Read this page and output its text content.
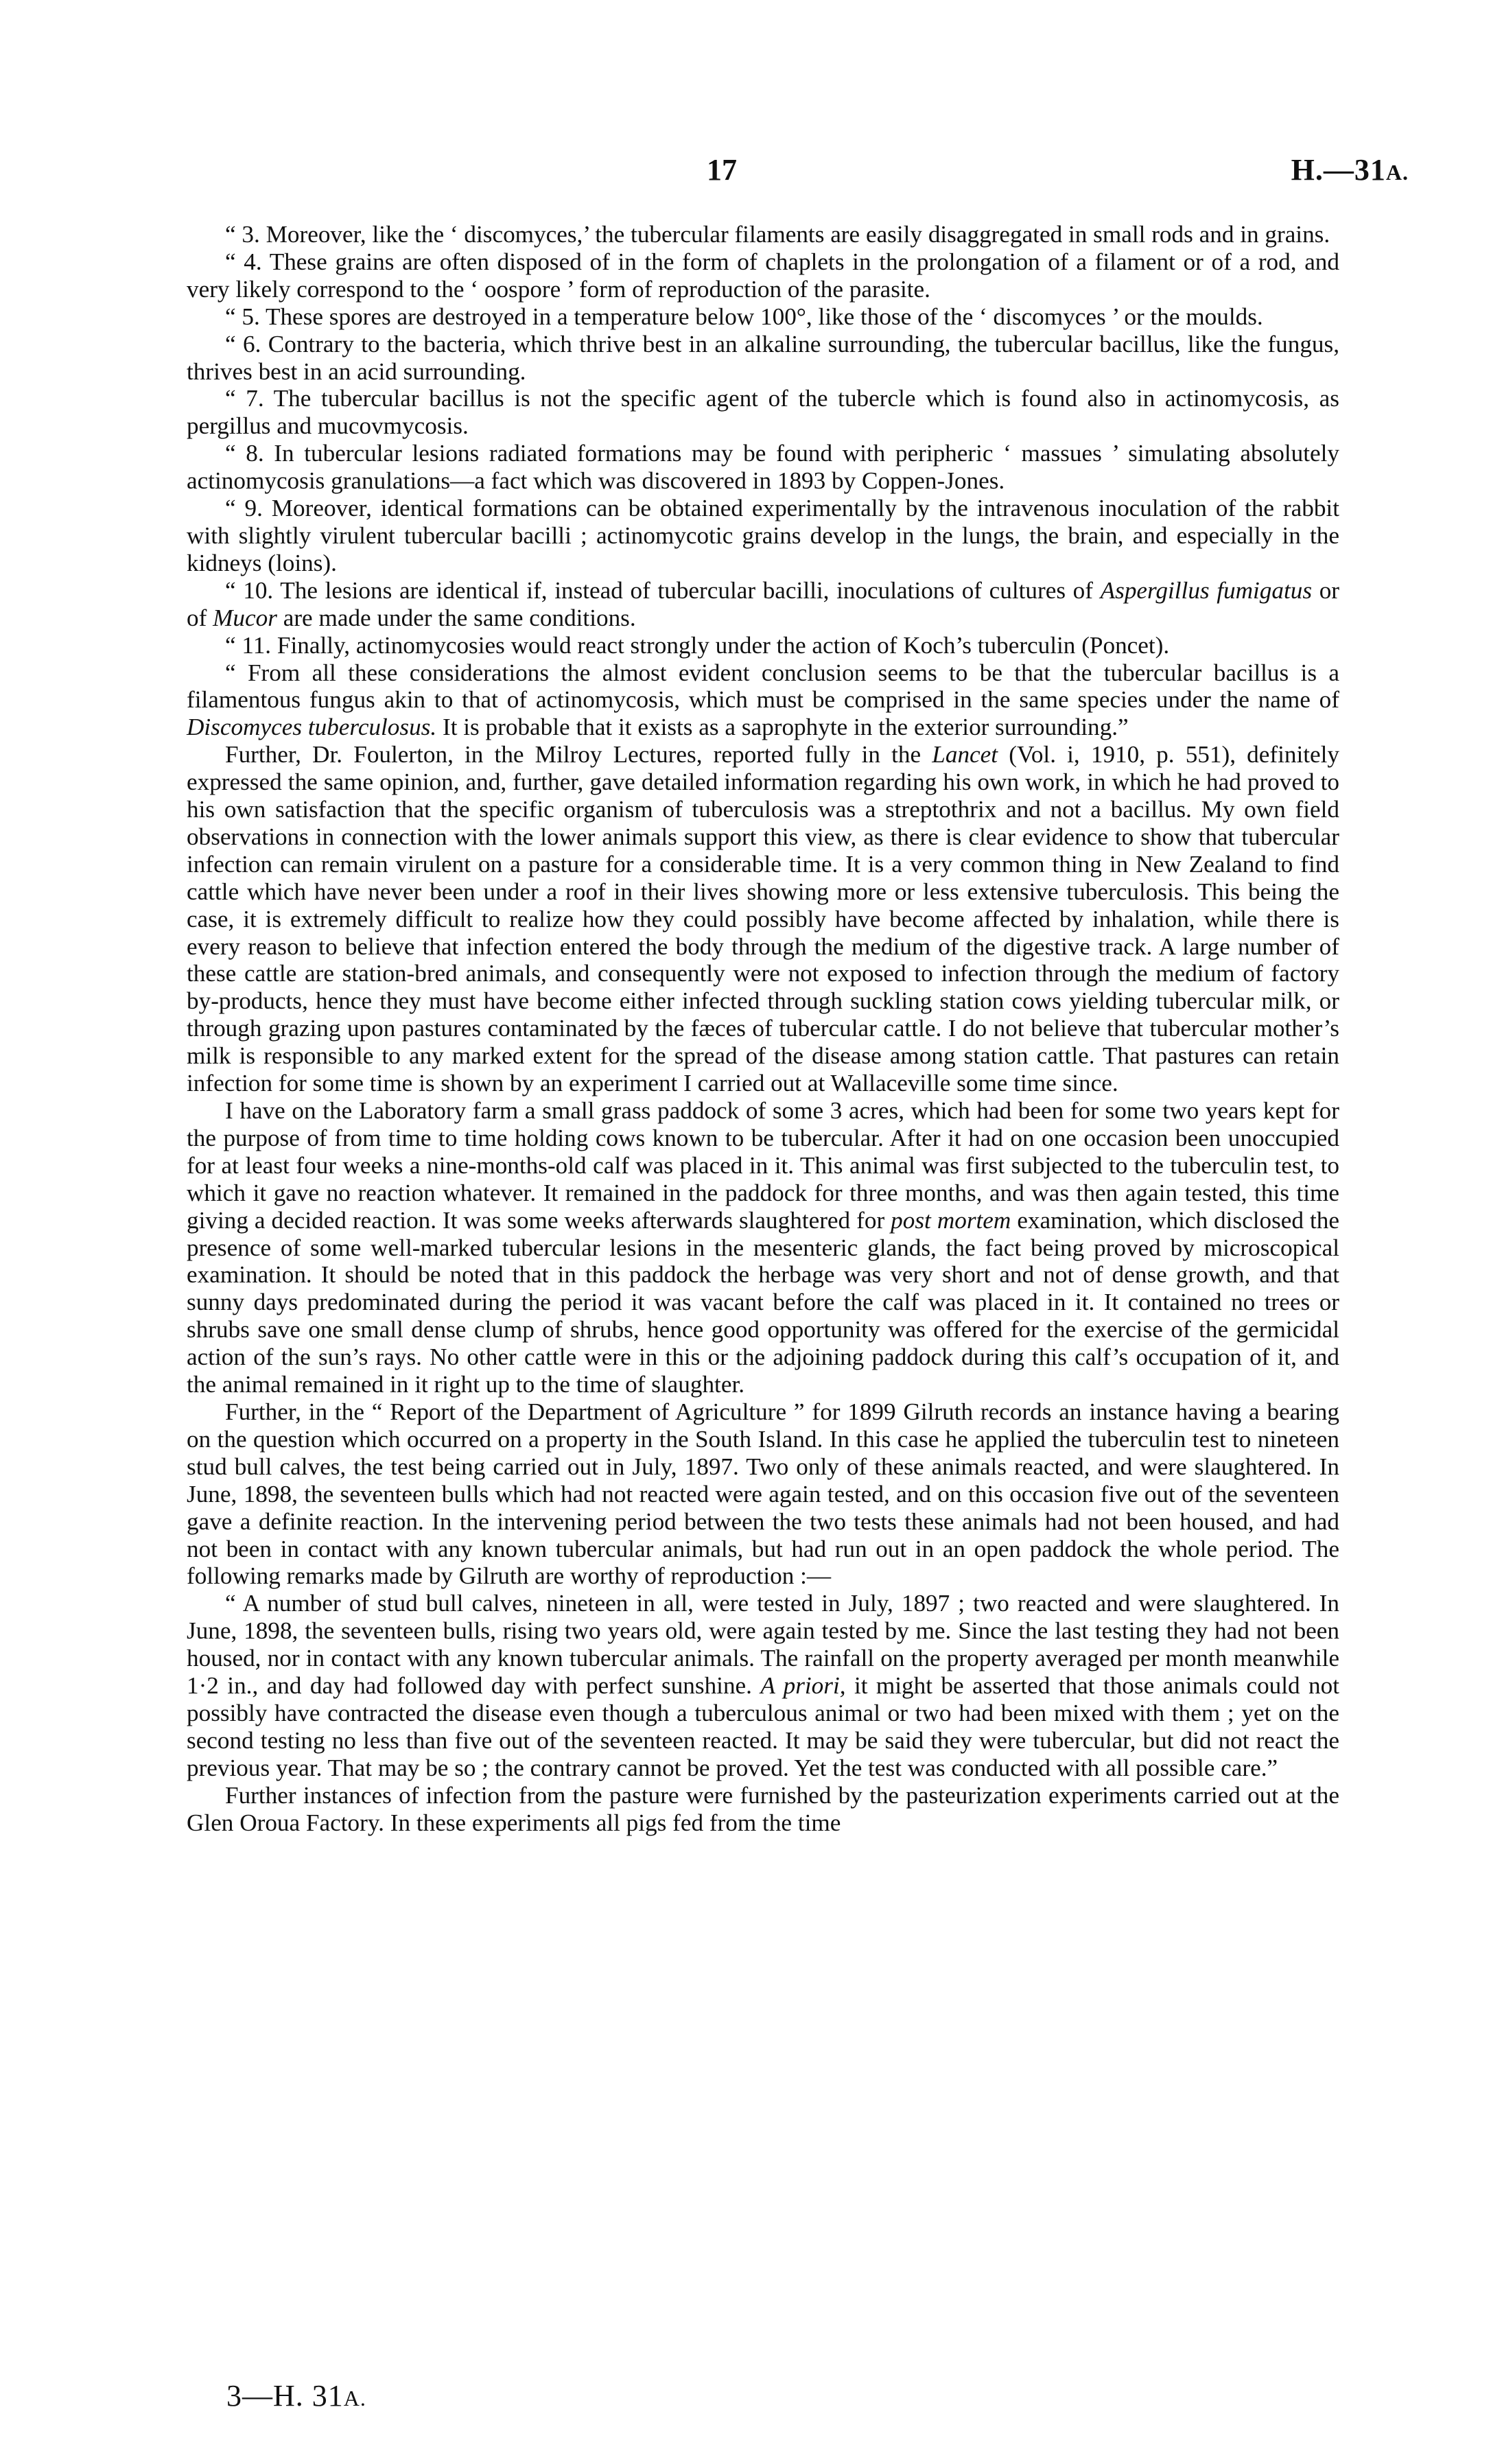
17	H.—31A.

“ 3. Moreover, like the ‘ discomyces,’ the tubercular filaments are easily disaggregated in small rods and in grains.

“ 4. These grains are often disposed of in the form of chaplets in the prolongation of a filament or of a rod, and very likely correspond to the ‘ oospore ’ form of reproduction of the parasite.

“ 5. These spores are destroyed in a temperature below 100°, like those of the ‘ discomyces ’ or the moulds.

“ 6. Contrary to the bacteria, which thrive best in an alkaline surrounding, the tubercular bacillus, like the fungus, thrives best in an acid surrounding.

“ 7. The tubercular bacillus is not the specific agent of the tubercle which is found also in actinomycosis, as pergillus and mucovmycosis.

“ 8. In tubercular lesions radiated formations may be found with peripheric ‘ massues ’ simulating absolutely actinomycosis granulations—a fact which was discovered in 1893 by Coppen-Jones.

“ 9. Moreover, identical formations can be obtained experimentally by the intravenous inoculation of the rabbit with slightly virulent tubercular bacilli ; actinomycotic grains develop in the lungs, the brain, and especially in the kidneys (loins).

“ 10. The lesions are identical if, instead of tubercular bacilli, inoculations of cultures of Aspergillus fumigatus or of Mucor are made under the same conditions.

“ 11. Finally, actinomycosies would react strongly under the action of Koch’s tuberculin (Poncet).

“ From all these considerations the almost evident conclusion seems to be that the tubercular bacillus is a filamentous fungus akin to that of actinomycosis, which must be comprised in the same species under the name of Discomyces tuberculosus. It is probable that it exists as a saprophyte in the exterior surrounding.”

Further, Dr. Foulerton, in the Milroy Lectures, reported fully in the Lancet (Vol. i, 1910, p. 551), definitely expressed the same opinion, and, further, gave detailed information regarding his own work, in which he had proved to his own satisfaction that the specific organism of tuberculosis was a streptothrix and not a bacillus. My own field observations in connection with the lower animals support this view, as there is clear evidence to show that tubercular infection can remain virulent on a pasture for a considerable time. It is a very common thing in New Zealand to find cattle which have never been under a roof in their lives showing more or less extensive tuberculosis. This being the case, it is extremely difficult to realize how they could possibly have become affected by inhalation, while there is every reason to believe that infection entered the body through the medium of the digestive track. A large number of these cattle are station-bred animals, and consequently were not exposed to infection through the medium of factory by-products, hence they must have become either infected through suckling station cows yielding tubercular milk, or through grazing upon pastures contaminated by the fæces of tubercular cattle. I do not believe that tubercular mother’s milk is responsible to any marked extent for the spread of the disease among station cattle. That pastures can retain infection for some time is shown by an experiment I carried out at Wallaceville some time since.

I have on the Laboratory farm a small grass paddock of some 3 acres, which had been for some two years kept for the purpose of from time to time holding cows known to be tubercular. After it had on one occasion been unoccupied for at least four weeks a nine-months-old calf was placed in it. This animal was first subjected to the tuberculin test, to which it gave no reaction whatever. It remained in the paddock for three months, and was then again tested, this time giving a decided reaction. It was some weeks afterwards slaughtered for post mortem examination, which disclosed the presence of some well-marked tubercular lesions in the mesenteric glands, the fact being proved by microscopical examination. It should be noted that in this paddock the herbage was very short and not of dense growth, and that sunny days predominated during the period it was vacant before the calf was placed in it. It contained no trees or shrubs save one small dense clump of shrubs, hence good opportunity was offered for the exercise of the germicidal action of the sun’s rays. No other cattle were in this or the adjoining paddock during this calf’s occupation of it, and the animal remained in it right up to the time of slaughter.

Further, in the “ Report of the Department of Agriculture ” for 1899 Gilruth records an instance having a bearing on the question which occurred on a property in the South Island. In this case he applied the tuberculin test to nineteen stud bull calves, the test being carried out in July, 1897. Two only of these animals reacted, and were slaughtered. In June, 1898, the seventeen bulls which had not reacted were again tested, and on this occasion five out of the seventeen gave a definite reaction. In the intervening period between the two tests these animals had not been housed, and had not been in contact with any known tubercular animals, but had run out in an open paddock the whole period. The following remarks made by Gilruth are worthy of reproduction :—

“ A number of stud bull calves, nineteen in all, were tested in July, 1897 ; two reacted and were slaughtered. In June, 1898, the seventeen bulls, rising two years old, were again tested by me. Since the last testing they had not been housed, nor in contact with any known tubercular animals. The rainfall on the property averaged per month meanwhile 1·2 in., and day had followed day with perfect sunshine. A priori, it might be asserted that those animals could not possibly have contracted the disease even though a tuberculous animal or two had been mixed with them ; yet on the second testing no less than five out of the seventeen reacted. It may be said they were tubercular, but did not react the previous year. That may be so ; the contrary cannot be proved. Yet the test was conducted with all possible care.”

Further instances of infection from the pasture were furnished by the pasteurization experiments carried out at the Glen Oroua Factory. In these experiments all pigs fed from the time

3—H. 31A.
